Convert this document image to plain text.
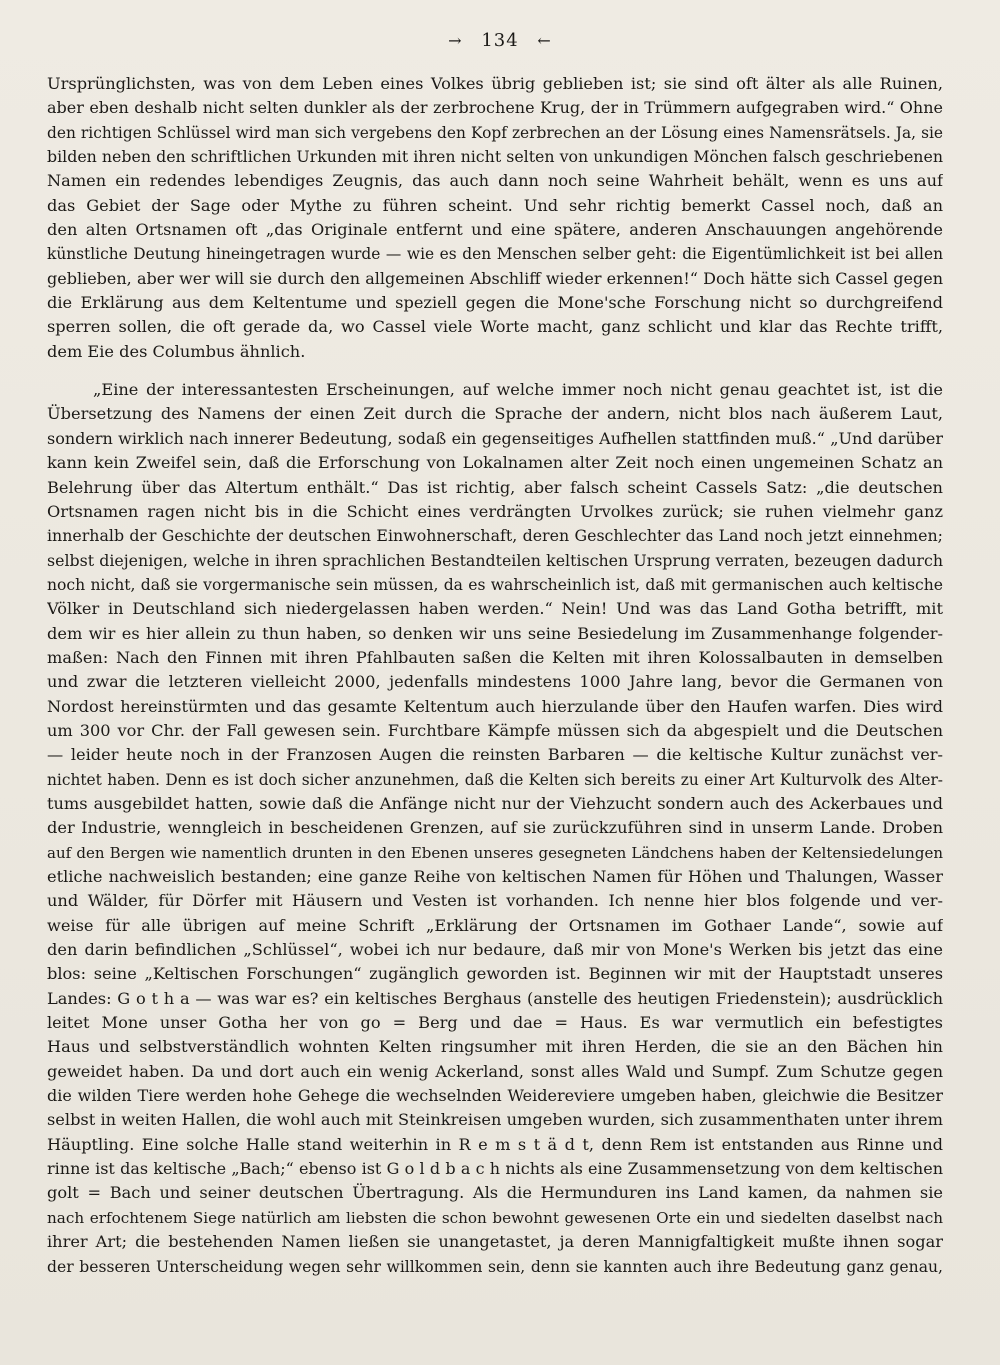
→ 134 ←
Ursprünglichsten, was von dem Leben eines Volkes übrig geblieben ist; sie sind oft älter als alle Ruinen,
aber eben deshalb nicht selten dunkler als der zerbrochene Krug, der in Trümmern aufgegraben wird.“ Ohne
den richtigen Schlüssel wird man sich vergebens den Kopf zerbrechen an der Lösung eines Namensrätsels. Ja, sie
bilden neben den schriftlichen Urkunden mit ihren nicht selten von unkundigen Mönchen falsch geschriebenen
Namen ein redendes lebendiges Zeugnis, das auch dann noch seine Wahrheit behält, wenn es uns auf
das Gebiet der Sage oder Mythe zu führen scheint. Und sehr richtig bemerkt Cassel noch, daß an
den alten Ortsnamen oft „das Originale entfernt und eine spätere, anderen Anschauungen angehörende
künstliche Deutung hineingetragen wurde — wie es den Menschen selber geht: die Eigentümlichkeit ist bei allen
geblieben, aber wer will sie durch den allgemeinen Abschliff wieder erkennen!“ Doch hätte sich Cassel gegen
die Erklärung aus dem Keltentume und speziell gegen die Mone'sche Forschung nicht so durchgreifend
sperren sollen, die oft gerade da, wo Cassel viele Worte macht, ganz schlicht und klar das Rechte trifft,
dem Eie des Columbus ähnlich.
„Eine der interessantesten Erscheinungen, auf welche immer noch nicht genau geachtet ist, ist die
Übersetzung des Namens der einen Zeit durch die Sprache der andern, nicht blos nach äußerem Laut,
sondern wirklich nach innerer Bedeutung, sodaß ein gegenseitiges Aufhellen stattfinden muß.“ „Und darüber
kann kein Zweifel sein, daß die Erforschung von Lokalnamen alter Zeit noch einen ungemeinen Schatz an
Belehrung über das Altertum enthält.“ Das ist richtig, aber falsch scheint Cassels Satz: „die deutschen
Ortsnamen ragen nicht bis in die Schicht eines verdrängten Urvolkes zurück; sie ruhen vielmehr ganz
innerhalb der Geschichte der deutschen Einwohnerschaft, deren Geschlechter das Land noch jetzt einnehmen;
selbst diejenigen, welche in ihren sprachlichen Bestandteilen keltischen Ursprung verraten, bezeugen dadurch
noch nicht, daß sie vorgermanische sein müssen, da es wahrscheinlich ist, daß mit germanischen auch keltische
Völker in Deutschland sich niedergelassen haben werden.“ Nein! Und was das Land Gotha betrifft, mit
dem wir es hier allein zu thun haben, so denken wir uns seine Besiedelung im Zusammenhange folgender-
maßen: Nach den Finnen mit ihren Pfahlbauten saßen die Kelten mit ihren Kolossalbauten in demselben
und zwar die letzteren vielleicht 2000, jedenfalls mindestens 1000 Jahre lang, bevor die Germanen von
Nordost hereinstürmten und das gesamte Keltentum auch hierzulande über den Haufen warfen. Dies wird
um 300 vor Chr. der Fall gewesen sein. Furchtbare Kämpfe müssen sich da abgespielt und die Deutschen
— leider heute noch in der Franzosen Augen die reinsten Barbaren — die keltische Kultur zunächst ver-
nichtet haben. Denn es ist doch sicher anzunehmen, daß die Kelten sich bereits zu einer Art Kulturvolk des Alter-
tums ausgebildet hatten, sowie daß die Anfänge nicht nur der Viehzucht sondern auch des Ackerbaues und
der Industrie, wenngleich in bescheidenen Grenzen, auf sie zurückzuführen sind in unserm Lande. Droben
auf den Bergen wie namentlich drunten in den Ebenen unseres gesegneten Ländchens haben der Keltensiedelungen
etliche nachweislich bestanden; eine ganze Reihe von keltischen Namen für Höhen und Thalungen, Wasser
und Wälder, für Dörfer mit Häusern und Vesten ist vorhanden. Ich nenne hier blos folgende und ver-
weise für alle übrigen auf meine Schrift „Erklärung der Ortsnamen im Gothaer Lande“, sowie auf
den darin befindlichen „Schlüssel“, wobei ich nur bedaure, daß mir von Mone's Werken bis jetzt das eine
blos: seine „Keltischen Forschungen“ zugänglich geworden ist. Beginnen wir mit der Hauptstadt unseres
Landes: G o t h a — was war es? ein keltisches Berghaus (anstelle des heutigen Friedenstein); ausdrücklich
leitet Mone unser Gotha her von go = Berg und dae = Haus. Es war vermutlich ein befestigtes
Haus und selbstverständlich wohnten Kelten ringsumher mit ihren Herden, die sie an den Bächen hin
geweidet haben. Da und dort auch ein wenig Ackerland, sonst alles Wald und Sumpf. Zum Schutze gegen
die wilden Tiere werden hohe Gehege die wechselnden Weidereviere umgeben haben, gleichwie die Besitzer
selbst in weiten Hallen, die wohl auch mit Steinkreisen umgeben wurden, sich zusammenthaten unter ihrem
Häuptling. Eine solche Halle stand weiterhin in R e m s t ä d t, denn Rem ist entstanden aus Rinne und
rinne ist das keltische „Bach;“ ebenso ist G o l d b a c h nichts als eine Zusammensetzung von dem keltischen
golt = Bach und seiner deutschen Übertragung. Als die Hermunduren ins Land kamen, da nahmen sie
nach erfochtenem Siege natürlich am liebsten die schon bewohnt gewesenen Orte ein und siedelten daselbst nach
ihrer Art; die bestehenden Namen ließen sie unangetastet, ja deren Mannigfaltigkeit mußte ihnen sogar
der besseren Unterscheidung wegen sehr willkommen sein, denn sie kannten auch ihre Bedeutung ganz genau,
